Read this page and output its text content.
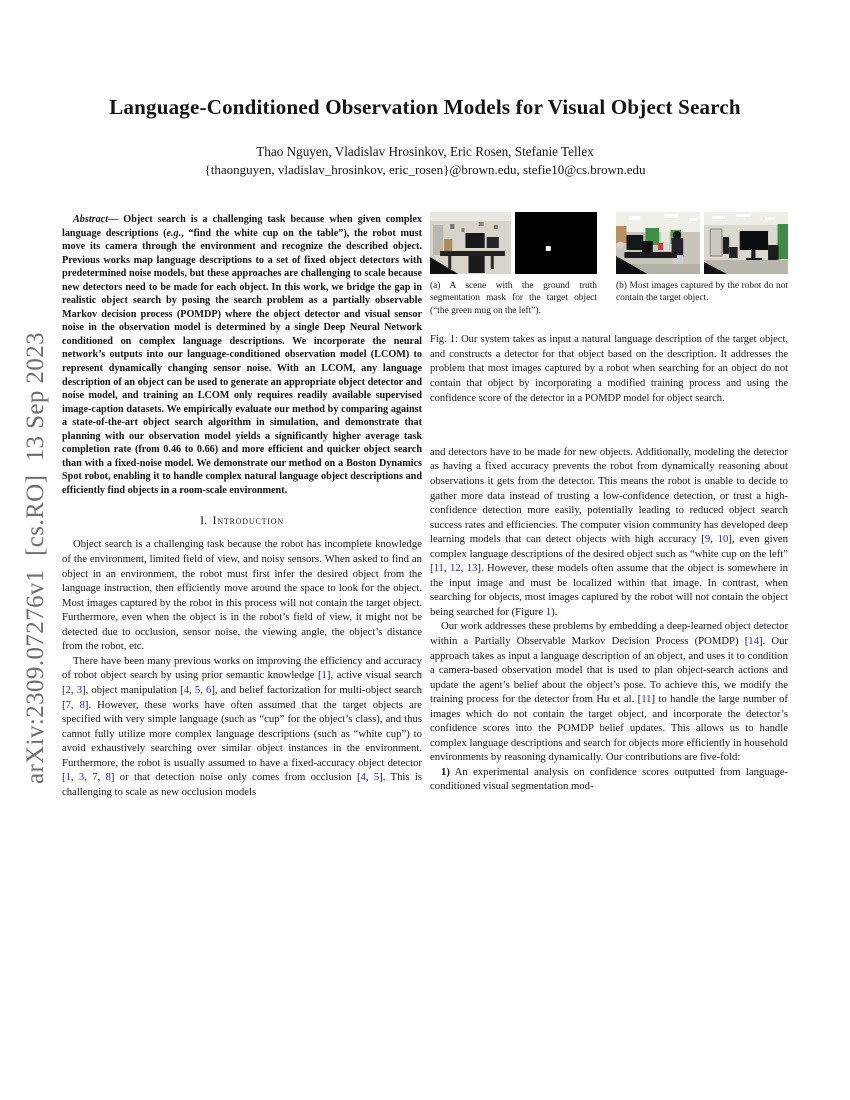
arXiv:2309.07276v1  [cs.RO]  13 Sep 2023
Language-Conditioned Observation Models for Visual Object Search
Thao Nguyen, Vladislav Hrosinkov, Eric Rosen, Stefanie Tellex
{thaonguyen, vladislav_hrosinkov, eric_rosen}@brown.edu, stefie10@cs.brown.edu

Abstract— Object search is a challenging task because when given complex language descriptions (e.g., “find the white cup on the table”), the robot must move its camera through the environment and recognize the described object. Previous works map language descriptions to a set of fixed object detectors with predetermined noise models, but these approaches are challenging to scale because new detectors need to be made for each object. In this work, we bridge the gap in realistic object search by posing the search problem as a partially observable Markov decision process (POMDP) where the object detector and visual sensor noise in the observation model is determined by a single Deep Neural Network conditioned on complex language descriptions. We incorporate the neural network’s outputs into our language-conditioned observation model (LCOM) to represent dynamically changing sensor noise. With an LCOM, any language description of an object can be used to generate an appropriate object detector and noise model, and training an LCOM only requires readily available supervised image-caption datasets. We empirically evaluate our method by comparing against a state-of-the-art object search algorithm in simulation, and demonstrate that planning with our observation model yields a significantly higher average task completion rate (from 0.46 to 0.66) and more efficient and quicker object search than with a fixed-noise model. We demonstrate our method on a Boston Dynamics Spot robot, enabling it to handle complex natural language object descriptions and efficiently find objects in a room-scale environment.

I. Introduction

Object search is a challenging task because the robot has incomplete knowledge of the environment, limited field of view, and noisy sensors. When asked to find an object in an environment, the robot must first infer the desired object from the language instruction, then efficiently move around the space to look for the object. Most images captured by the robot in this process will not contain the target object. Furthermore, even when the object is in the robot’s field of view, it might not be detected due to occlusion, sensor noise, the viewing angle, the object’s distance from the robot, etc.

There have been many previous works on improving the efficiency and accuracy of robot object search by using prior semantic knowledge [1], active visual search [2, 3], object manipulation [4, 5, 6], and belief factorization for multi-object search [7, 8]. However, these works have often assumed that the target objects are specified with very simple language (such as “cup” for the object’s class), and thus cannot fully utilize more complex language descriptions (such as “white cup”) to avoid exhaustively searching over similar object instances in the environment. Furthermore, the robot is usually assumed to have a fixed-accuracy object detector [1, 3, 7, 8] or that detection noise only comes from occlusion [4, 5]. This is challenging to scale as new occlusion models

(a) A scene with the ground truth segmentation mask for the target object (“the green mug on the left”).
(b) Most images captured by the robot do not contain the target object.
Fig. 1: Our system takes as input a natural language description of the target object, and constructs a detector for that object based on the description. It addresses the problem that most images captured by a robot when searching for an object do not contain that object by incorporating a modified training process and using the confidence score of the detector in a POMDP model for object search.

and detectors have to be made for new objects. Additionally, modeling the detector as having a fixed accuracy prevents the robot from dynamically reasoning about observations it gets from the detector. This means the robot is unable to decide to gather more data instead of trusting a low-confidence detection, or trust a high-confidence detection more easily, potentially leading to reduced object search success rates and efficiencies. The computer vision community has developed deep learning models that can detect objects with high accuracy [9, 10], even given complex language descriptions of the desired object such as “white cup on the left” [11, 12, 13]. However, these models often assume that the object is somewhere in the input image and must be localized within that image. In contrast, when searching for objects, most images captured by the robot will not contain the object being searched for (Figure 1).

Our work addresses these problems by embedding a deep-learned object detector within a Partially Observable Markov Decision Process (POMDP) [14]. Our approach takes as input a language description of an object, and uses it to condition a camera-based observation model that is used to plan object-search actions and update the agent’s belief about the object’s pose. To achieve this, we modify the training process for the detector from Hu et al. [11] to handle the large number of images which do not contain the target object, and incorporate the detector’s confidence scores into the POMDP belief updates. This allows us to handle complex language descriptions and search for objects more efficiently in household environments by reasoning dynamically. Our contributions are five-fold:

1) An experimental analysis on confidence scores outputted from language-conditioned visual segmentation mod-
